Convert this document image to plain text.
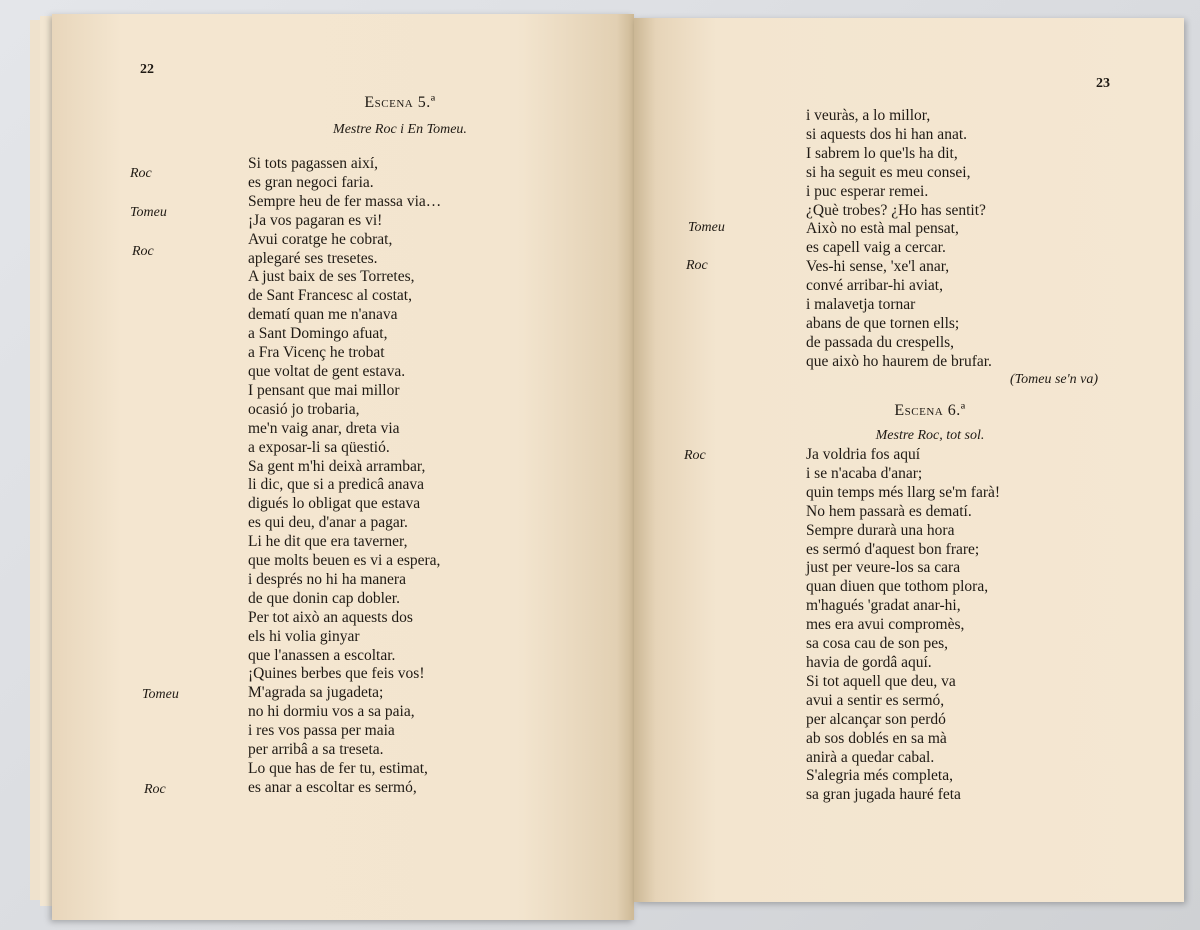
22
Escena 5.ª
Mestre Roc i En Tomeu.
Roc
Tomeu
Roc
Tomeu
Roc
Si tots pagassen així,
es gran negoci faria.
Sempre heu de fer massa via…
¡Ja vos pagaran es vi!
Avui coratge he cobrat,
aplegaré ses tresetes.
A just baix de ses Torretes,
de Sant Francesc al costat,
dematí quan me n'anava
a Sant Domingo afuat,
a Fra Vicenç he trobat
que voltat de gent estava.
I pensant que mai millor
ocasió jo trobaria,
me'n vaig anar, dreta via
a exposar-li sa qüestió.
Sa gent m'hi deixà arrambar,
li dic, que si a predicâ anava
digués lo obligat que estava
es qui deu, d'anar a pagar.
Li he dit que era taverner,
que molts beuen es vi a espera,
i després no hi ha manera
de que donin cap dobler.
Per tot això an aquests dos
els hi volia ginyar
que l'anassen a escoltar.
¡Quines berbes que feis vos!
M'agrada sa jugadeta;
no hi dormiu vos a sa paia,
i res vos passa per maia
per arribâ a sa treseta.
Lo que has de fer tu, estimat,
es anar a escoltar es sermó,
23
Tomeu
Roc
i veuràs, a lo millor,
si aquests dos hi han anat.
I sabrem lo que'ls ha dit,
si ha seguit es meu consei,
i puc esperar remei.
¿Què trobes? ¿Ho has sentit?
Això no està mal pensat,
es capell vaig a cercar.
Ves-hi sense, 'xe'l anar,
convé arribar-hi aviat,
i malavetja tornar
abans de que tornen ells;
de passada du crespells,
que això ho haurem de brufar.
(Tomeu se'n va)
Escena 6.ª
Mestre Roc, tot sol.
Roc	Ja voldria fos aquí
i se n'acaba d'anar;
quin temps més llarg se'm farà!
No hem passarà es dematí.
Sempre durarà una hora
es sermó d'aquest bon frare;
just per veure-los sa cara
quan diuen que tothom plora,
m'hagués 'gradat anar-hi,
mes era avui compromès,
sa cosa cau de son pes,
havia de gordâ aquí.
Si tot aquell que deu, va
avui a sentir es sermó,
per alcançar son perdó
ab sos doblés en sa mà
anirà a quedar cabal.
S'alegria més completa,
sa gran jugada hauré feta
